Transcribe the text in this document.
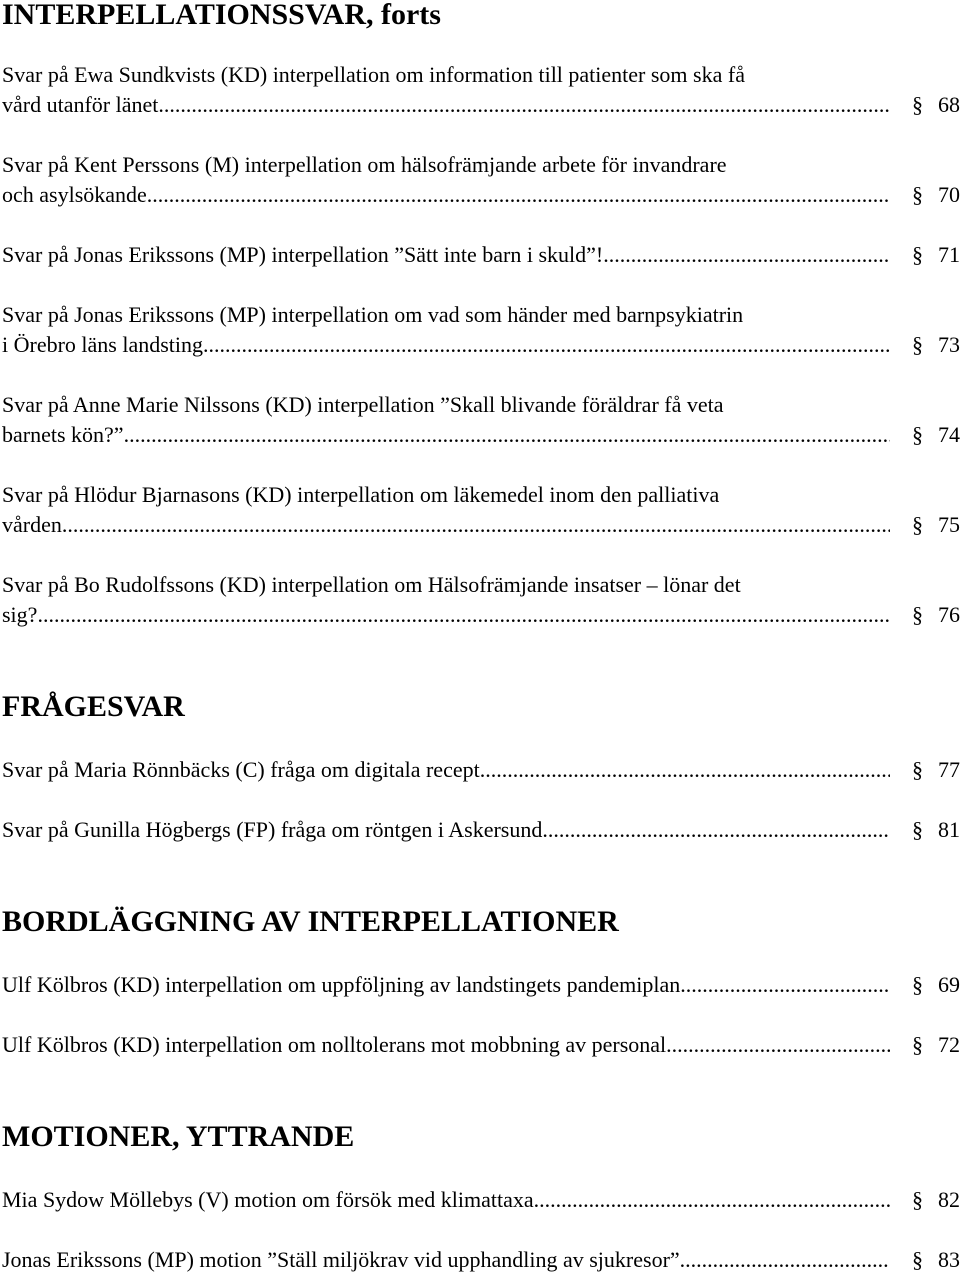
INTERPELLATIONSSVAR, forts
Svar på Ewa Sundkvists (KD) interpellation om information till patienter som ska få
vård utanför länet .....	§ 68
Svar på Kent Perssons (M) interpellation om hälsofrämjande arbete för invandrare
och asylsökande .....	§ 70
Svar på Jonas Erikssons (MP) interpellation ”Sätt inte barn i skuld”! .....	§ 71
Svar på Jonas Erikssons (MP) interpellation om vad som händer med barnpsykiatrin
i Örebro läns landsting .....	§ 73
Svar på Anne Marie Nilssons (KD) interpellation ”Skall blivande föräldrar få veta
barnets kön?” .....	§ 74
Svar på Hlödur Bjarnasons (KD) interpellation om läkemedel inom den palliativa
vården .....	§ 75
Svar på Bo Rudolfssons (KD) interpellation om Hälsofrämjande insatser – lönar det
sig? .....	§ 76
FRÅGESVAR
Svar på Maria Rönnbäcks (C) fråga om digitala recept .....	§ 77
Svar på Gunilla Högbergs (FP) fråga om röntgen i Askersund .....	§ 81
BORDLÄGGNING AV INTERPELLATIONER
Ulf Kölbros (KD) interpellation om uppföljning av landstingets pandemiplan .....	§ 69
Ulf Kölbros (KD) interpellation om nolltolerans mot mobbning av personal .....	§ 72
MOTIONER, YTTRANDE
Mia Sydow Möllebys (V) motion om försök med klimattaxa .....	§ 82
Jonas Erikssons (MP) motion ”Ställ miljökrav vid upphandling av sjukresor” .....	§ 83
